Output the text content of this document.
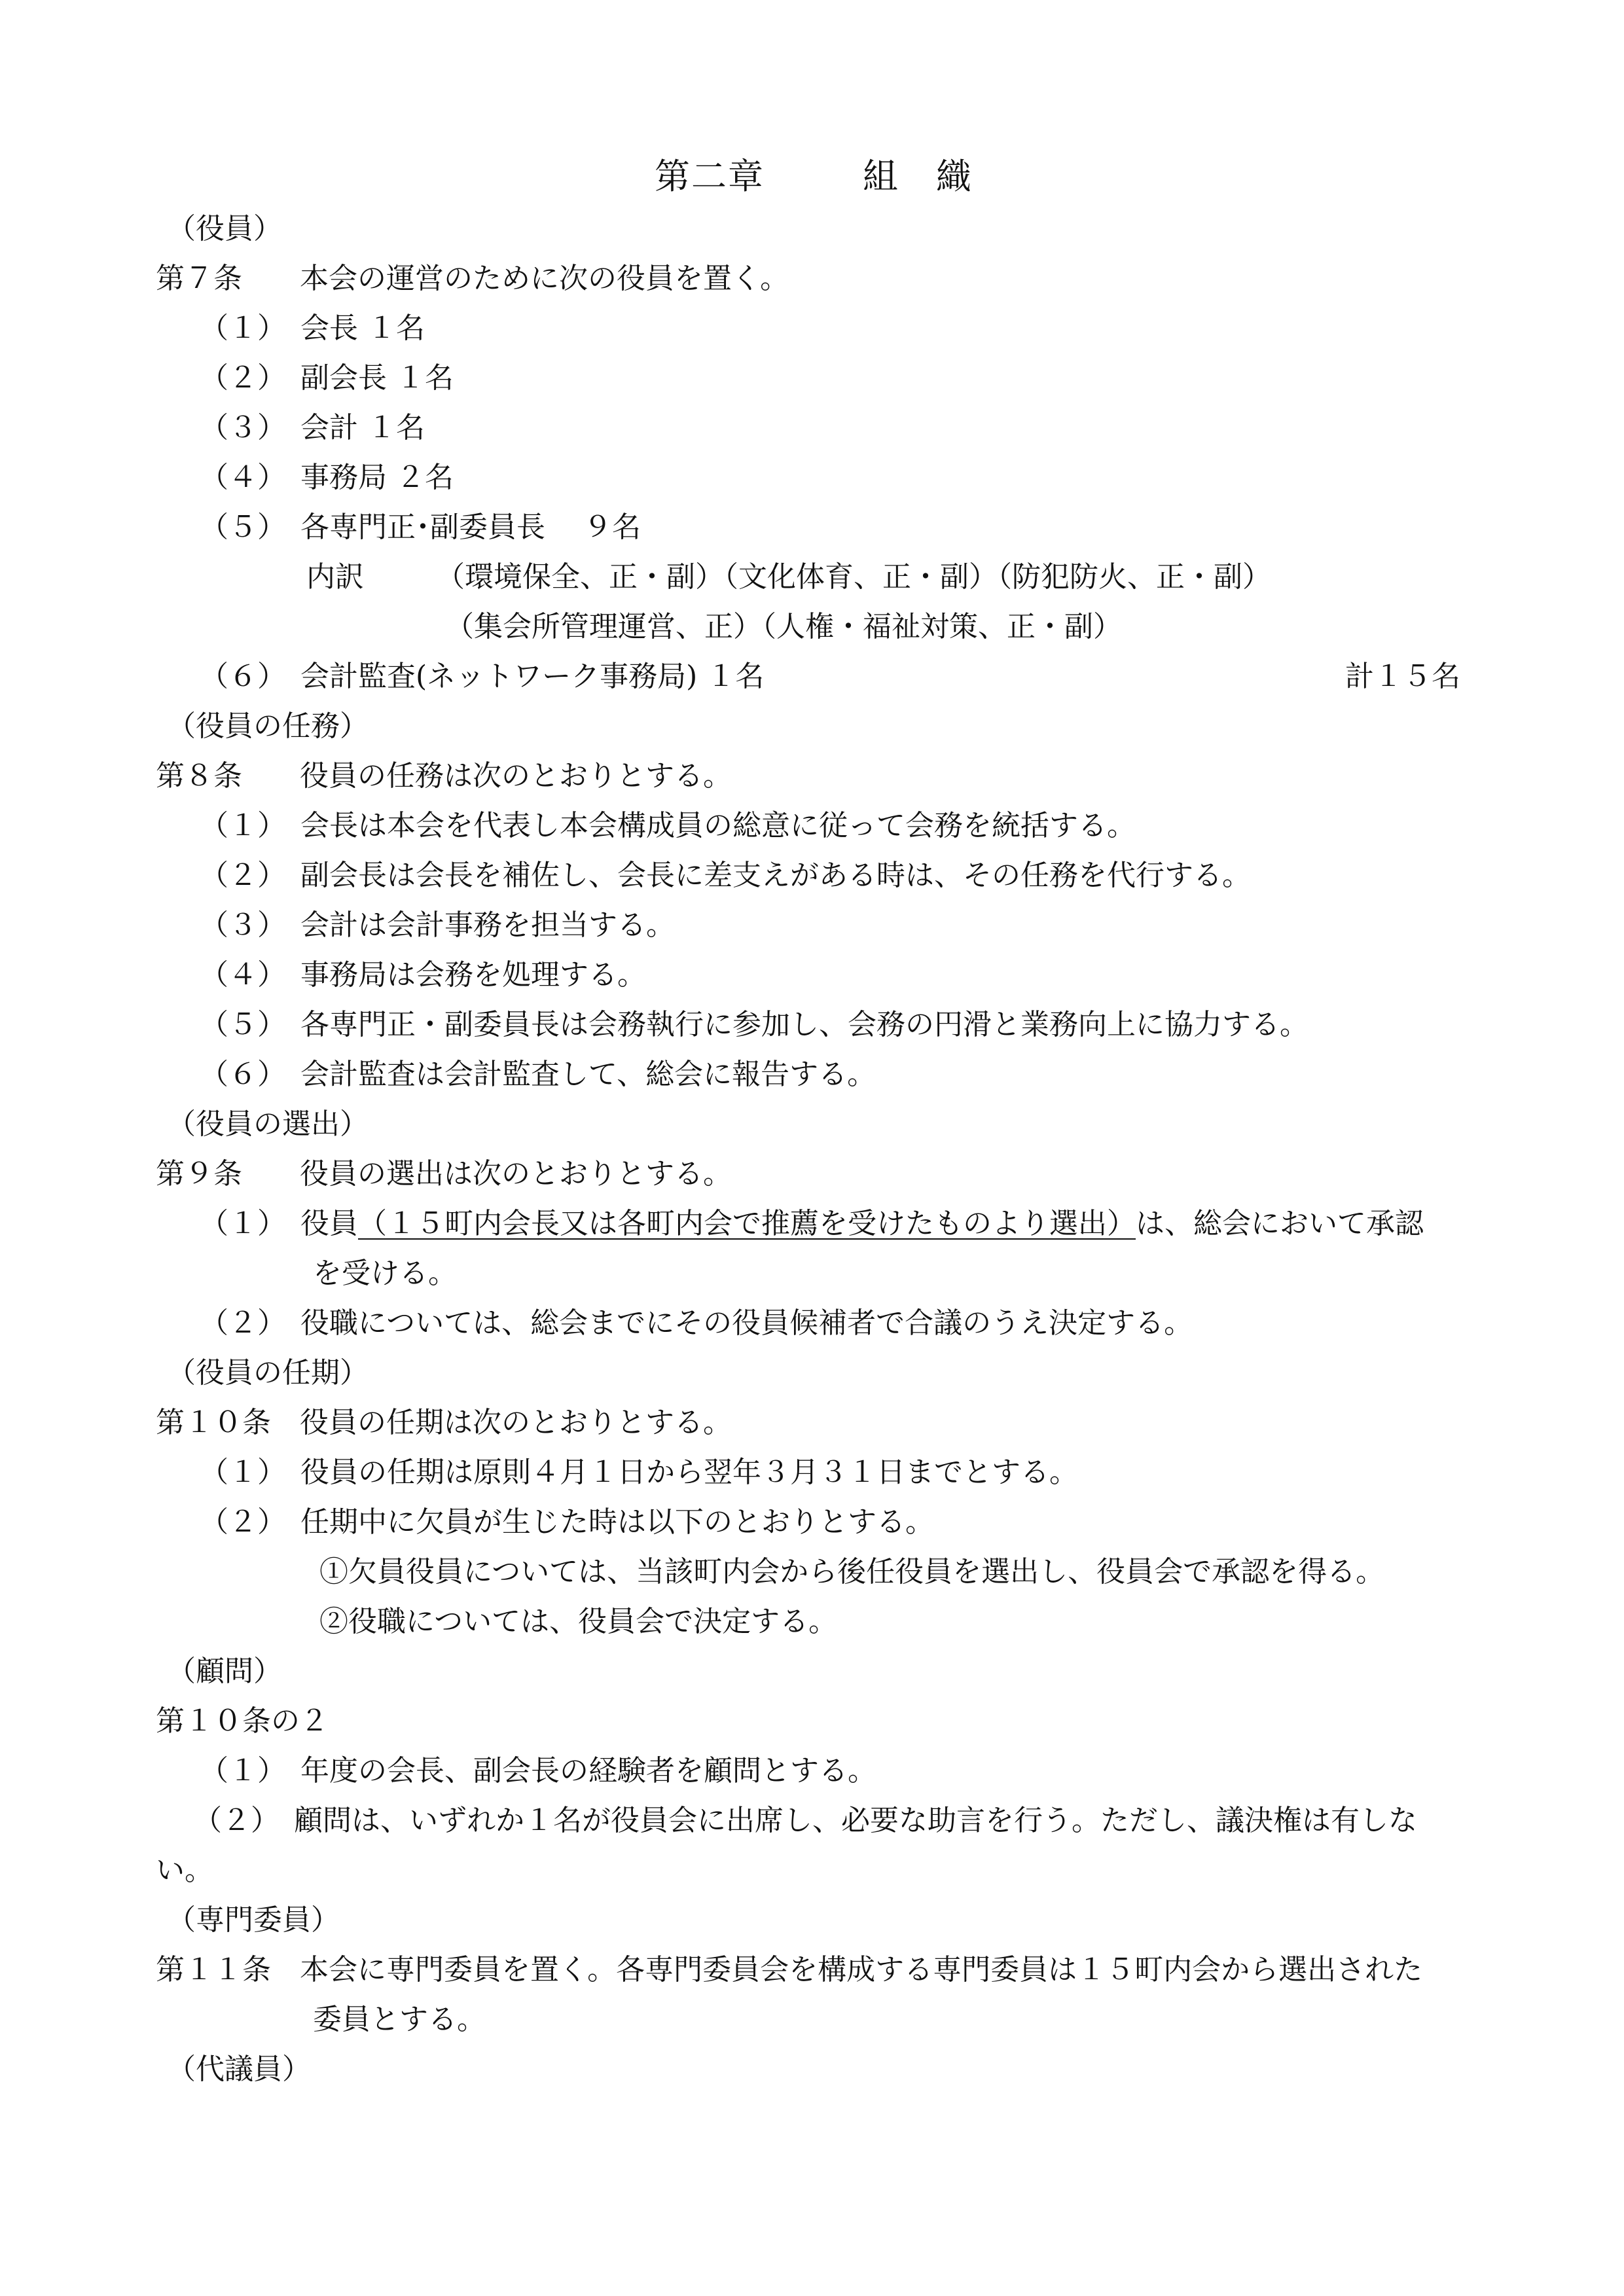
第二章	組　織
（役員）
第７条　　本会の運営のために次の役員を置く。
（１）　会長 １名
（２）　副会長 １名
（３）　会計 １名
（４）　事務局 ２名
（５）　各専門正･副委員長　 ９名
内訳　　　（環境保全、正・副）（文化体育、正・副）（防犯防火、正・副）
（集会所管理運営、正）（人権・福祉対策、正・副）
（６）　会計監査(ネットワーク事務局) １名	計１５名
（役員の任務）
第８条　　役員の任務は次のとおりとする。
（１）　会長は本会を代表し本会構成員の総意に従って会務を統括する。
（２）　副会長は会長を補佐し、会長に差支えがある時は、その任務を代行する。
（３）　会計は会計事務を担当する。
（４）　事務局は会務を処理する。
（５）　各専門正・副委員長は会務執行に参加し、会務の円滑と業務向上に協力する。
（６）　会計監査は会計監査して、総会に報告する。
（役員の選出）
第９条　　役員の選出は次のとおりとする。
（１）　役員（１５町内会長又は各町内会で推薦を受けたものより選出）は、総会において承認
を受ける。
（２）　役職については、総会までにその役員候補者で合議のうえ決定する。
（役員の任期）
第１０条　役員の任期は次のとおりとする。
（１）　役員の任期は原則４月１日から翌年３月３１日までとする。
（２）　任期中に欠員が生じた時は以下のとおりとする。
①欠員役員については、当該町内会から後任役員を選出し、役員会で承認を得る。
②役職については、役員会で決定する。
（顧問）
第１０条の２
（１）　年度の会長、副会長の経験者を顧問とする。
（２）　顧問は、いずれか１名が役員会に出席し、必要な助言を行う。ただし、議決権は有しな
い。
（専門委員）
第１１条　本会に専門委員を置く。各専門委員会を構成する専門委員は１５町内会から選出された
委員とする。
（代議員）
